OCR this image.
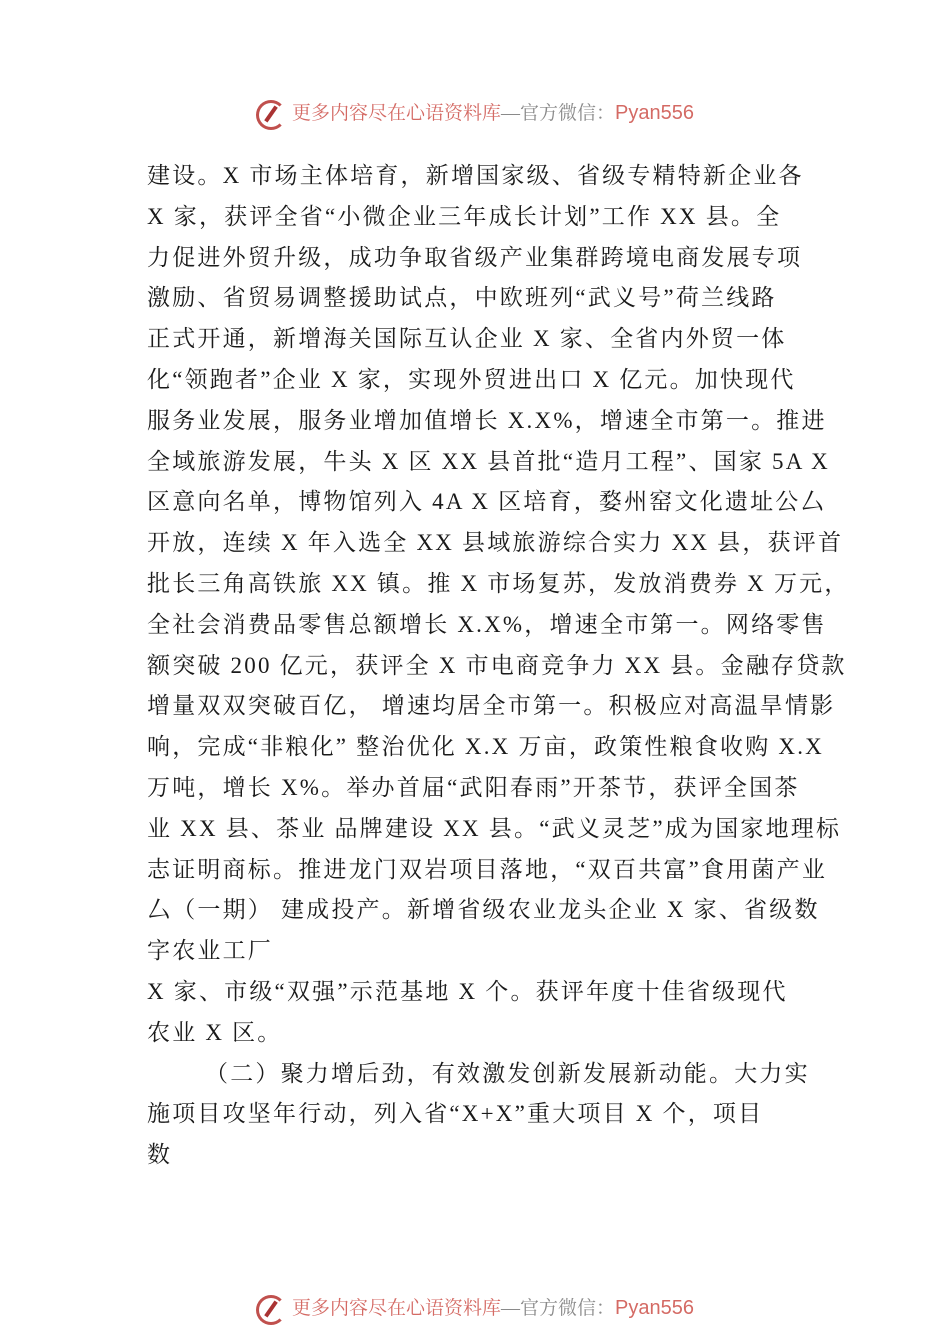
更多内容尽在心语资料库—官方微信：Pyan556
建设。X 市场主体培育，新增国家级、省级专精特新企业各
X 家，获评全省“小微企业三年成长计划”工作 XX 县。全
力促进外贸升级，成功争取省级产业集群跨境电商发展专项
激励、省贸易调整援助试点，中欧班列“武义号”荷兰线路
正式开通，新增海关国际互认企业 X 家、全省内外贸一体
化“领跑者”企业 X 家，实现外贸进出口 X 亿元。加快现代
服务业发展，服务业增加值增长 X.X%，增速全市第一。推进
全域旅游发展，牛头 X 区 XX 县首批“造月工程”、国家 5A X
区意向名单，博物馆列入 4A X 区培育，婺州窑文化遗址公厶
开放，连续 X 年入选全 XX 县域旅游综合实力 XX 县，获评首
批长三角高铁旅 XX 镇。推 X 市场复苏，发放消费券 X 万元，
全社会消费品零售总额增长 X.X%，增速全市第一。网络零售
额突破 200 亿元，获评全 X 市电商竞争力 XX 县。金融存贷款
增量双双突破百亿， 增速均居全市第一。积极应对高温旱情影
响，完成“非粮化” 整治优化 X.X 万亩，政策性粮食收购 X.X
万吨，增长 X%。举办首届“武阳春雨”开茶节，获评全国茶
业 XX 县、茶业 品牌建设 XX 县。“武义灵芝”成为国家地理标
志证明商标。推进龙门双岩项目落地，“双百共富”食用菌产业
厶（一期） 建成投产。新增省级农业龙头企业 X 家、省级数
字农业工厂
X 家、市级“双强”示范基地 X 个。获评年度十佳省级现代
农业 X 区。
（二）聚力增后劲，有效激发创新发展新动能。大力实
施项目攻坚年行动，列入省“X+X”重大项目 X 个，项目
数
更多内容尽在心语资料库—官方微信：Pyan556
